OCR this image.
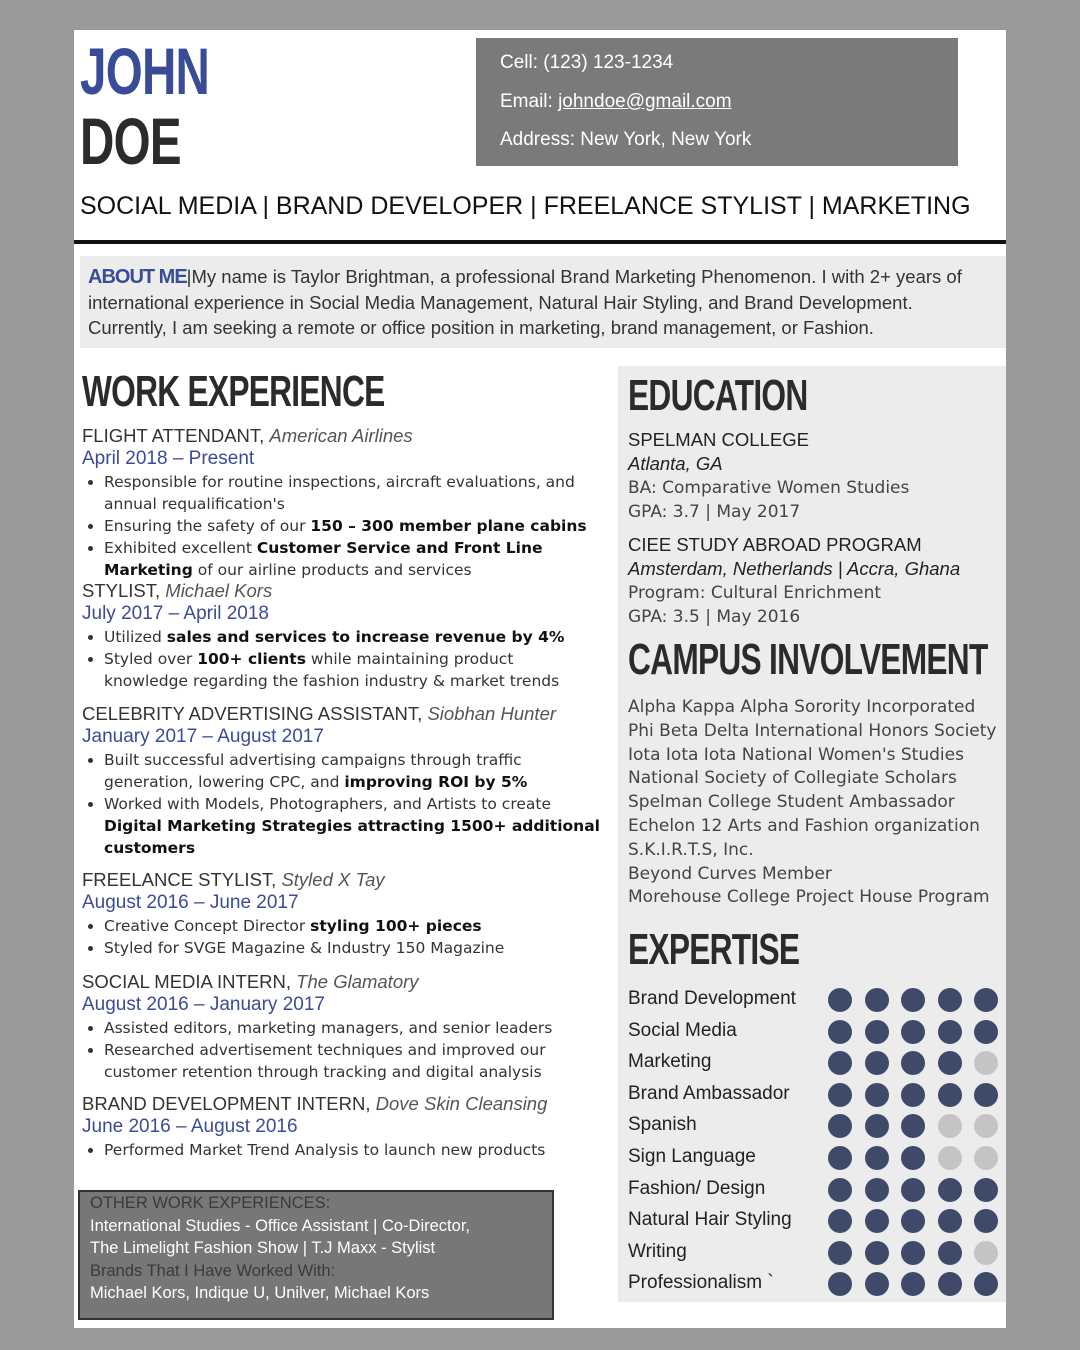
JOHN
DOE
Cell: (123) 123-1234
Email: johndoe@gmail.com
Address: New York, New York
SOCIAL MEDIA | BRAND DEVELOPER | FREELANCE STYLIST | MARKETING
ABOUT ME|My name is Taylor Brightman, a professional Brand Marketing Phenomenon. I with 2+ years of international experience in Social Media Management, Natural Hair Styling, and Brand Development. Currently, I am seeking a remote or office position in marketing, brand management, or Fashion.
WORK EXPERIENCE
FLIGHT ATTENDANT, American Airlines
April 2018 – Present
• Responsible for routine inspections, aircraft evaluations, and annual requalification's
• Ensuring the safety of our 150 – 300 member plane cabins
• Exhibited excellent Customer Service and Front Line Marketing of our airline products and services
STYLIST, Michael Kors
July 2017 – April 2018
• Utilized sales and services to increase revenue by 4%
• Styled over 100+ clients while maintaining product knowledge regarding the fashion industry & market trends
CELEBRITY ADVERTISING ASSISTANT, Siobhan Hunter
January 2017 – August 2017
• Built successful advertising campaigns through traffic generation, lowering CPC, and improving ROI by 5%
• Worked with Models, Photographers, and Artists to create Digital Marketing Strategies attracting 1500+ additional customers
FREELANCE STYLIST, Styled X Tay
August 2016 – June 2017
• Creative Concept Director styling 100+ pieces
• Styled for SVGE Magazine & Industry 150 Magazine
SOCIAL MEDIA INTERN, The Glamatory
August 2016 – January 2017
• Assisted editors, marketing managers, and senior leaders
• Researched advertisement techniques and improved our customer retention through tracking and digital analysis
BRAND DEVELOPMENT INTERN, Dove Skin Cleansing
June 2016 – August 2016
• Performed Market Trend Analysis to launch new products
OTHER WORK EXPERIENCES:
International Studies - Office Assistant | Co-Director,
The Limelight Fashion Show | T.J Maxx - Stylist
Brands That I Have Worked With:
Michael Kors, Indique U, Unilver, Michael Kors
EDUCATION
SPELMAN COLLEGE
Atlanta, GA
BA: Comparative Women Studies
GPA: 3.7 | May 2017
CIEE STUDY ABROAD PROGRAM
Amsterdam, Netherlands | Accra, Ghana
Program: Cultural Enrichment
GPA: 3.5 | May 2016
CAMPUS INVOLVEMENT
Alpha Kappa Alpha Sorority Incorporated
Phi Beta Delta International Honors Society
Iota Iota Iota National Women's Studies
National Society of Collegiate Scholars
Spelman College Student Ambassador
Echelon 12 Arts and Fashion organization
S.K.I.R.T.S, Inc.
Beyond Curves Member
Morehouse College Project House Program
EXPERTISE
Brand Development
Social Media
Marketing
Brand Ambassador
Spanish
Sign Language
Fashion/ Design
Natural Hair Styling
Writing
Professionalism `
